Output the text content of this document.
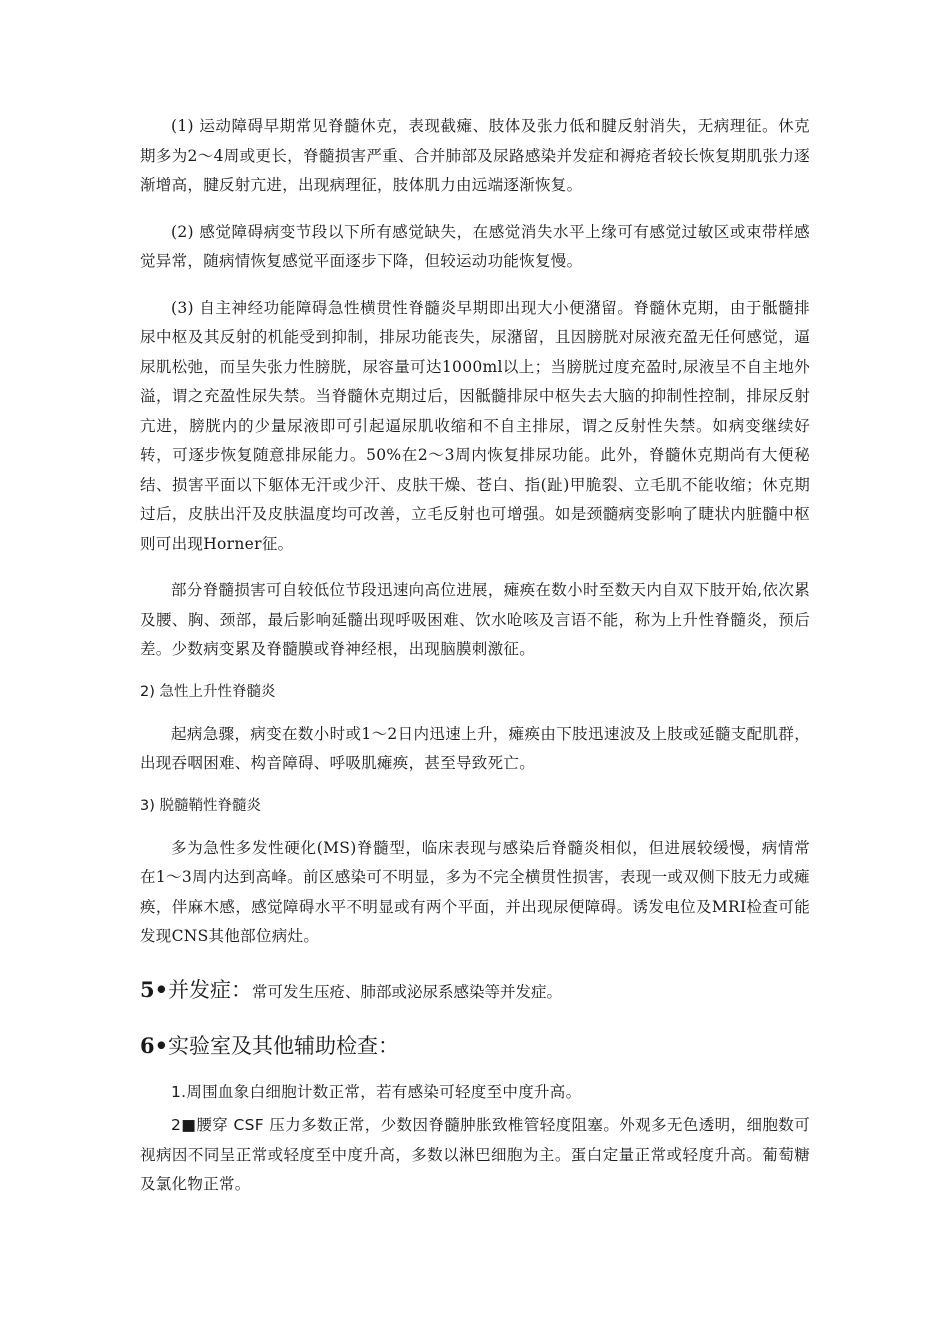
(1) 运动障碍早期常见脊髓休克，表现截瘫、肢体及张力低和腱反射消失，无病理征。休克期多为2〜4周或更长，脊髓损害严重、合并肺部及尿路感染并发症和褥疮者较长恢复期肌张力逐渐增高，腱反射亢进，出现病理征，肢体肌力由远端逐渐恢复。

(2) 感觉障碍病变节段以下所有感觉缺失，在感觉消失水平上缘可有感觉过敏区或束带样感觉异常，随病情恢复感觉平面逐步下降，但较运动功能恢复慢。

(3) 自主神经功能障碍急性横贯性脊髓炎早期即出现大小便潴留。脊髓休克期，由于骶髓排尿中枢及其反射的机能受到抑制，排尿功能丧失，尿潴留，且因膀胱对尿液充盈无任何感觉，逼尿肌松弛，而呈失张力性膀胱，尿容量可达1000ml以上；当膀胱过度充盈时,尿液呈不自主地外溢，谓之充盈性尿失禁。当脊髓休克期过后，因骶髓排尿中枢失去大脑的抑制性控制，排尿反射亢进，膀胱内的少量尿液即可引起逼尿肌收缩和不自主排尿，谓之反射性失禁。如病变继续好转，可逐步恢复随意排尿能力。50%在2〜3周内恢复排尿功能。此外，脊髓休克期尚有大便秘结、损害平面以下躯体无汗或少汗、皮肤干燥、苍白、指(趾)甲脆裂、立毛肌不能收缩；休克期过后，皮肤出汗及皮肤温度均可改善，立毛反射也可增强。如是颈髓病变影响了睫状内脏髓中枢则可出现Horner征。

部分脊髓损害可自较低位节段迅速向高位进展，瘫痪在数小时至数天内自双下肢开始,依次累及腰、胸、颈部，最后影响延髓出现呼吸困难、饮水呛咳及言语不能，称为上升性脊髓炎，预后差。少数病变累及脊髓膜或脊神经根，出现脑膜刺激征。

2) 急性上升性脊髓炎

起病急骤，病变在数小时或1〜2日内迅速上升，瘫痪由下肢迅速波及上肢或延髓支配肌群，出现吞咽困难、构音障碍、呼吸肌瘫痪，甚至导致死亡。

3) 脱髓鞘性脊髓炎

多为急性多发性硬化(MS)脊髓型，临床表现与感染后脊髓炎相似，但进展较缓慢，病情常在1〜3周内达到高峰。前区感染可不明显，多为不完全横贯性损害，表现一或双侧下肢无力或瘫痪，伴麻木感，感觉障碍水平不明显或有两个平面，并出现尿便障碍。诱发电位及MRI检查可能发现CNS其他部位病灶。

5•并发症：常可发生压疮、肺部或泌尿系感染等并发症。

6•实验室及其他辅助检查：

1.周围血象白细胞计数正常，若有感染可轻度至中度升高。

2■腰穿 CSF 压力多数正常，少数因脊髓肿胀致椎管轻度阻塞。外观多无色透明，细胞数可视病因不同呈正常或轻度至中度升高，多数以淋巴细胞为主。蛋白定量正常或轻度升高。葡萄糖及氯化物正常。
